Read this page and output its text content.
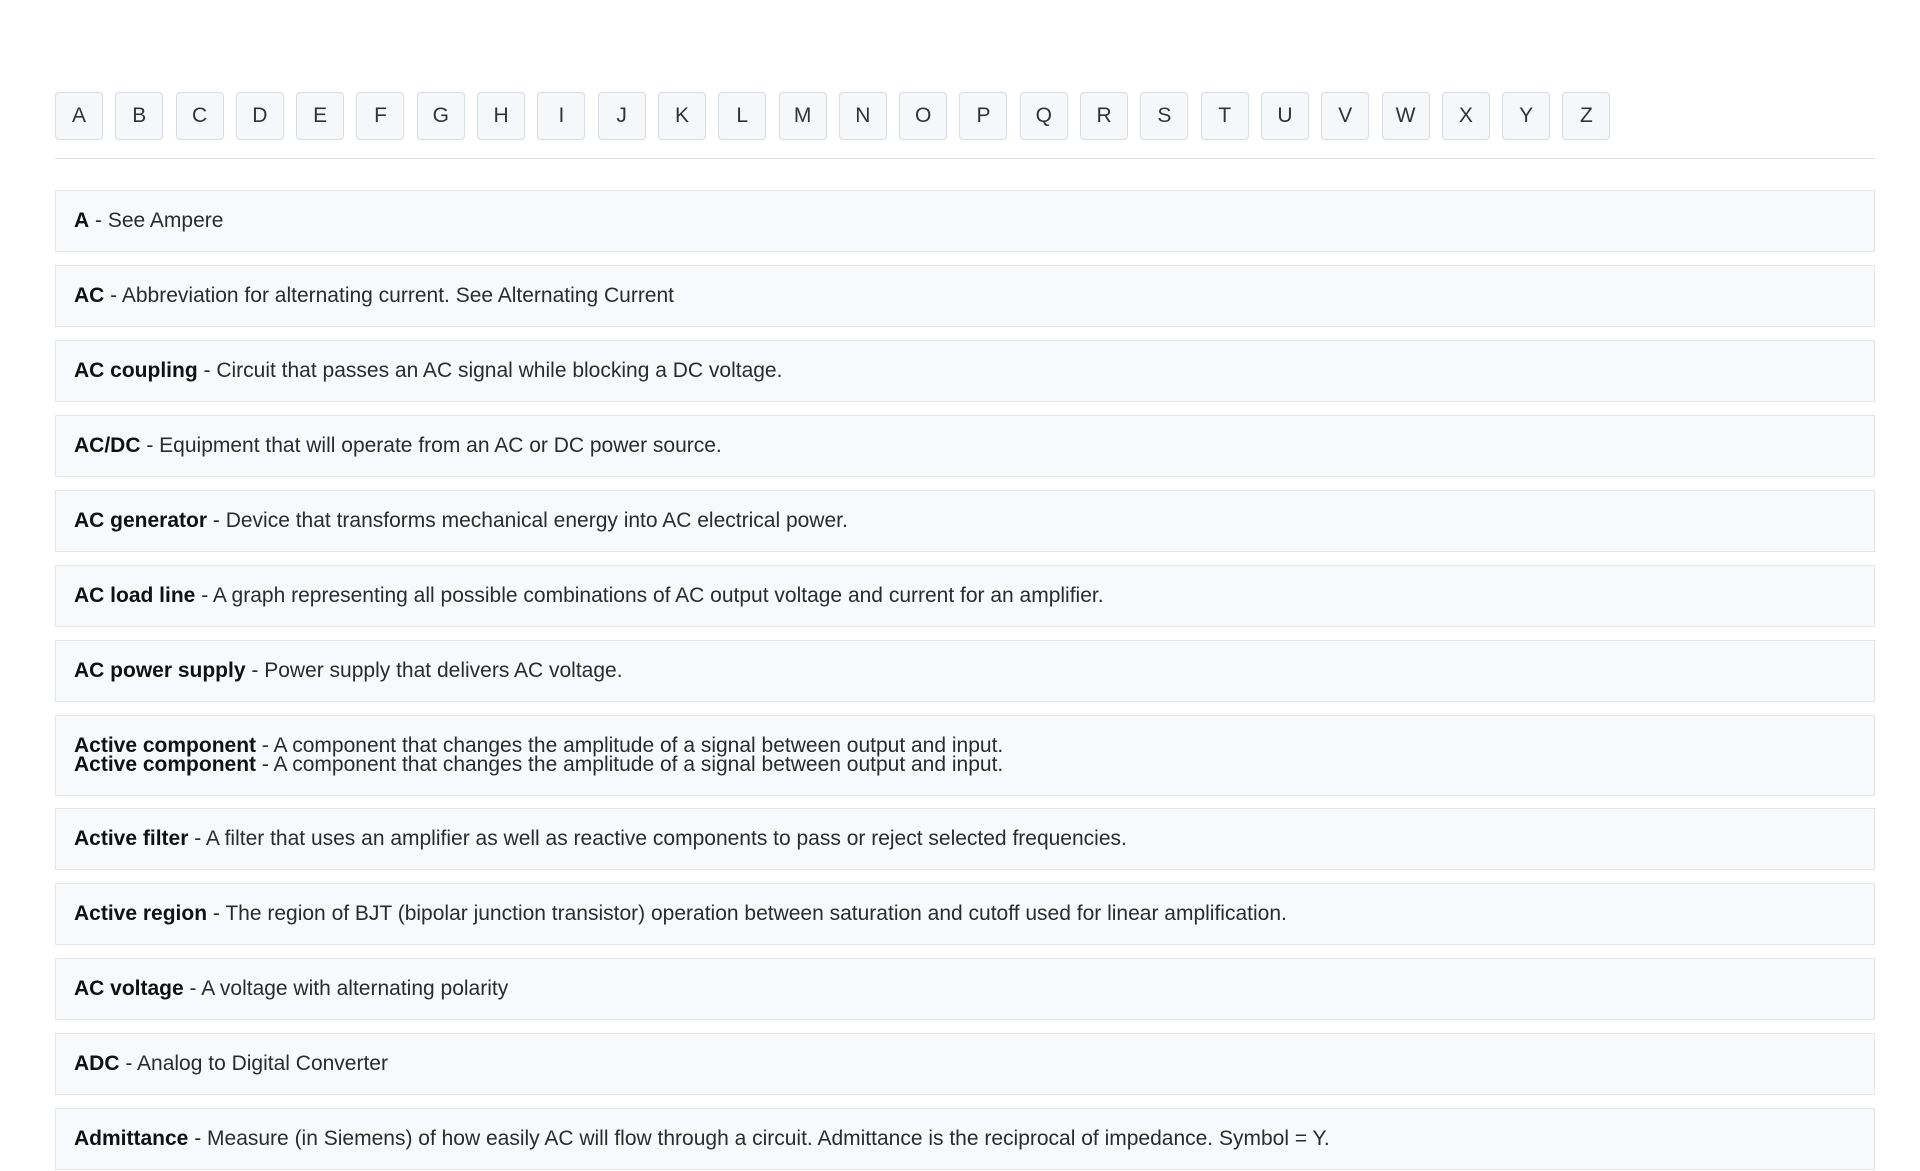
A	B	C	D	E	F	G	H	I	J	K	L	M	N	O	P	Q	R	S	T	U	V	W	X	Y	Z
A - See Ampere
AC - Abbreviation for alternating current. See Alternating Current
AC coupling - Circuit that passes an AC signal while blocking a DC voltage.
AC/DC - Equipment that will operate from an AC or DC power source.
AC generator - Device that transforms mechanical energy into AC electrical power.
AC load line - A graph representing all possible combinations of AC output voltage and current for an amplifier.
AC power supply - Power supply that delivers AC voltage.
Active component - A component that changes the amplitude of a signal between output and input.
Active component - A component that changes the amplitude of a signal between output and input.
Active filter - A filter that uses an amplifier as well as reactive components to pass or reject selected frequencies.
Active region - The region of BJT (bipolar junction transistor) operation between saturation and cutoff used for linear amplification.
AC voltage - A voltage with alternating polarity
ADC - Analog to Digital Converter
Admittance - Measure (in Siemens) of how easily AC will flow through a circuit. Admittance is the reciprocal of impedance. Symbol = Y.
